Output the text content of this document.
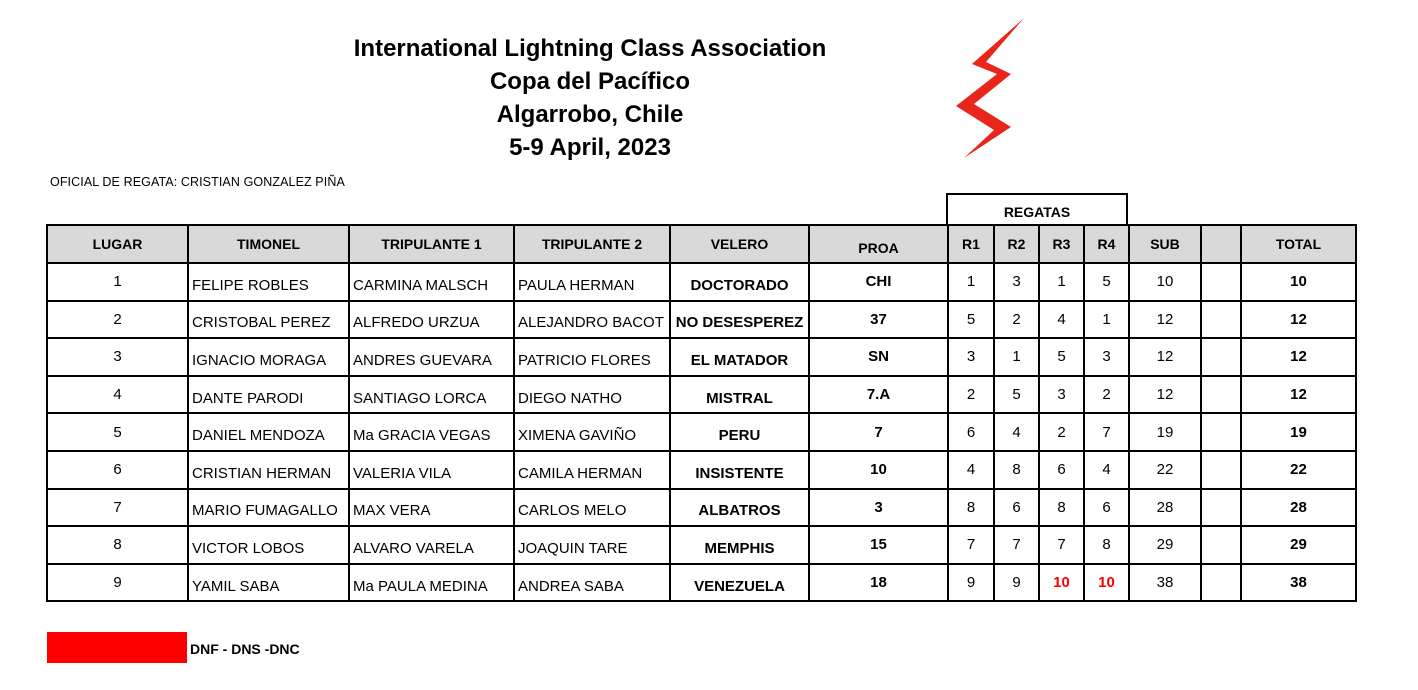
International Lightning Class Association
Copa del Pacífico
Algarrobo, Chile
5-9 April, 2023
OFICIAL DE REGATA: CRISTIAN GONZALEZ PIÑA
REGATAS
LUGAR	TIMONEL	TRIPULANTE 1	TRIPULANTE 2	VELERO	PROA	R1	R2	R3	R4	SUB		TOTAL
1	FELIPE ROBLES	CARMINA MALSCH	PAULA HERMAN	DOCTORADO	CHI	1	3	1	5	10		10
2	CRISTOBAL PEREZ	ALFREDO URZUA	ALEJANDRO BACOT	NO DESESPEREZ	37	5	2	4	1	12		12
3	IGNACIO MORAGA	ANDRES GUEVARA	PATRICIO FLORES	EL MATADOR	SN	3	1	5	3	12		12
4	DANTE PARODI	SANTIAGO LORCA	DIEGO NATHO	MISTRAL	7.A	2	5	3	2	12		12
5	DANIEL MENDOZA	Ma GRACIA VEGAS	XIMENA GAVIÑO	PERU	7	6	4	2	7	19		19
6	CRISTIAN HERMAN	VALERIA VILA	CAMILA HERMAN	INSISTENTE	10	4	8	6	4	22		22
7	MARIO FUMAGALLO	MAX VERA	CARLOS MELO	ALBATROS	3	8	6	8	6	28		28
8	VICTOR LOBOS	ALVARO VARELA	JOAQUIN TARE	MEMPHIS	15	7	7	7	8	29		29
9	YAMIL SABA	Ma PAULA MEDINA	ANDREA SABA	VENEZUELA	18	9	9	10	10	38		38
DNF - DNS -DNC
